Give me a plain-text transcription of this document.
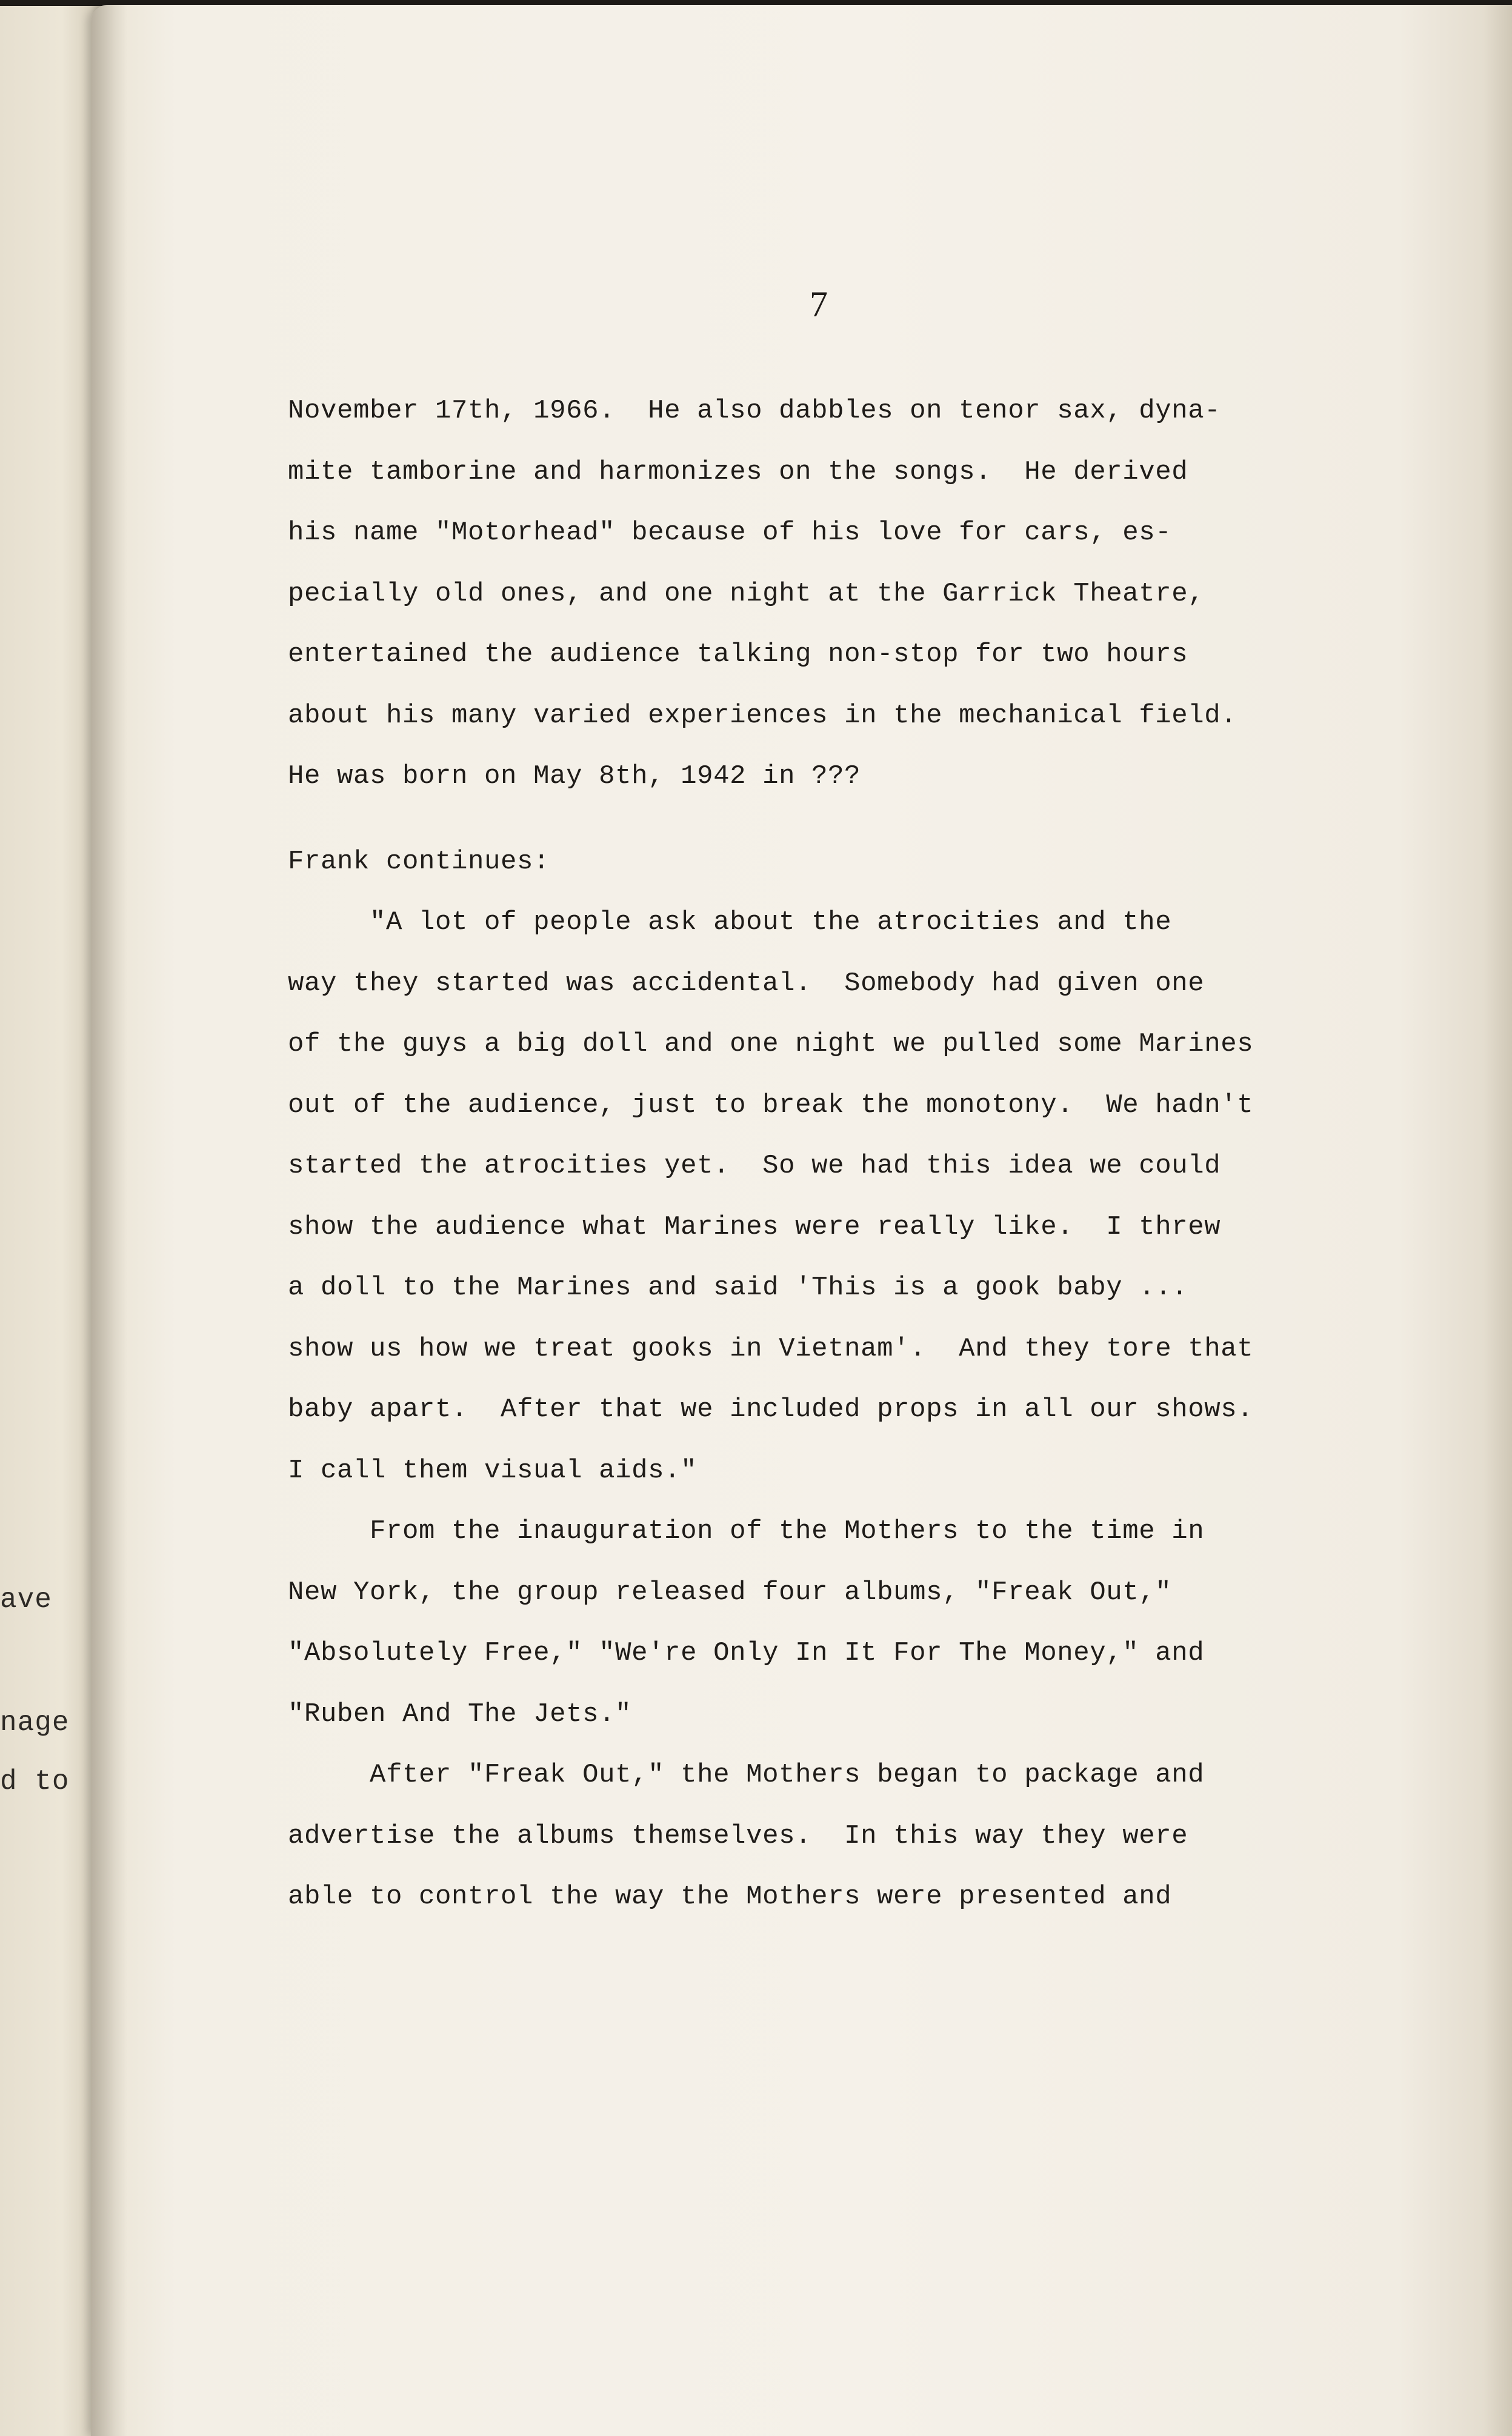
ave
nage
d to
7
November 17th, 1966.  He also dabbles on tenor sax, dyna-
mite tamborine and harmonizes on the songs.  He derived
his name "Motorhead" because of his love for cars, es-
pecially old ones, and one night at the Garrick Theatre,
entertained the audience talking non-stop for two hours
about his many varied experiences in the mechanical field.
He was born on May 8th, 1942 in ???
Frank continues:
"A lot of people ask about the atrocities and the
way they started was accidental.  Somebody had given one
of the guys a big doll and one night we pulled some Marines
out of the audience, just to break the monotony.  We hadn't
started the atrocities yet.  So we had this idea we could
show the audience what Marines were really like.  I threw
a doll to the Marines and said 'This is a gook baby ...
show us how we treat gooks in Vietnam'.  And they tore that
baby apart.  After that we included props in all our shows.
I call them visual aids."
From the inauguration of the Mothers to the time in
New York, the group released four albums, "Freak Out,"
"Absolutely Free," "We're Only In It For The Money," and
"Ruben And The Jets."
After "Freak Out," the Mothers began to package and
advertise the albums themselves.  In this way they were
able to control the way the Mothers were presented and
